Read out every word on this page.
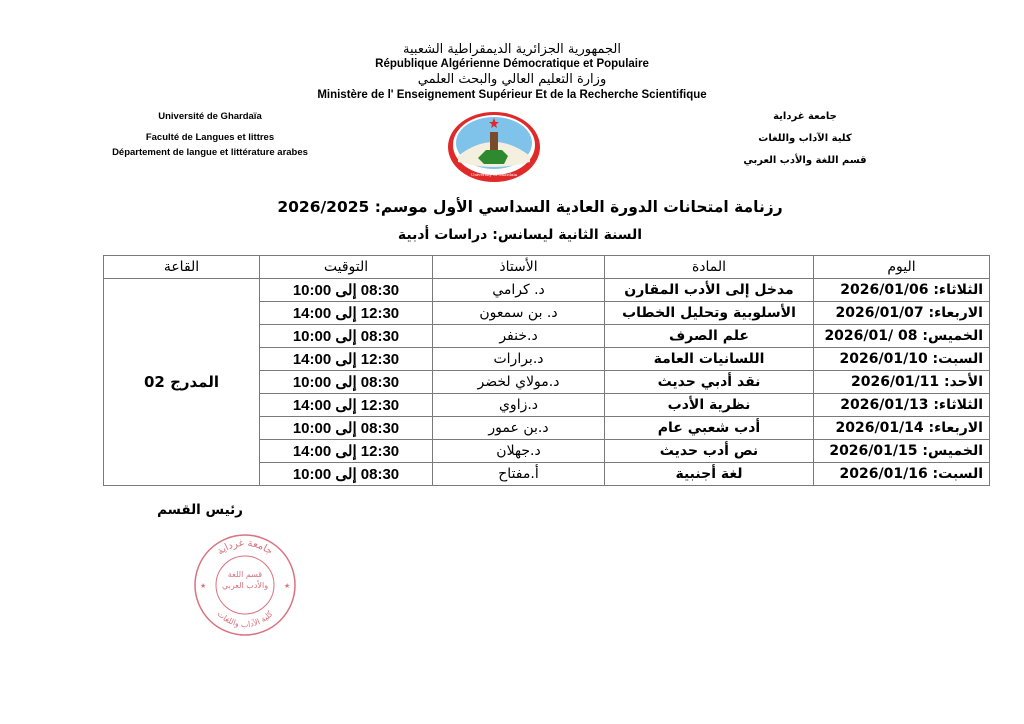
الجمهورية الجزائرية الديمقراطية الشعبية
République Algérienne Démocratique et Populaire
وزارة التعليم العالي والبحث العلمي
Ministère de l' Enseignement Supérieur Et de la Recherche Scientifique
Université de Ghardaïa
Faculté de Langues et littres
Département de langue et littérature arabes
جامعة غرداية
كلية الآداب واللغات
قسم اللغة والأدب العربي
University of Ghardaia
رزنامة امتحانات الدورة العادية السداسي الأول موسم: 2026/2025
السنة الثانية ليسانس: دراسات أدبية
اليوم	المادة	الأستاذ	التوقيت	القاعة
الثلاثاء: 2026/01/06	مدخل إلى الأدب المقارن	د. كرامي	08:30 إلى 10:00	المدرج 02
الاربعاء: 2026/01/07	الأسلوبية وتحليل الخطاب	د. بن سمعون	12:30 إلى 14:00	
الخميس: 08 /2026/01	علم الصرف	د.خنفر	08:30 إلى 10:00	
السبت: 2026/01/10	اللسانيات العامة	د.برارات	12:30 إلى 14:00	
الأحد: 2026/01/11	نقد أدبي حديث	د.مولاي لخضر	08:30 إلى 10:00	
الثلاثاء: 2026/01/13	نظرية الأدب	د.زاوي	12:30 إلى 14:00	
الاربعاء: 2026/01/14	أدب شعبي عام	د.بن عمور	08:30 إلى 10:00	
الخميس: 2026/01/15	نص أدب حديث	د.جهلان	12:30 إلى 14:00	
السبت: 2026/01/16	لغة أجنبية	أ.مفتاح	08:30 إلى 10:00	
رئيس القسم
جامعة غرداية
كلية الآداب واللغات
قسم اللغة والأدب العربي
★	★
